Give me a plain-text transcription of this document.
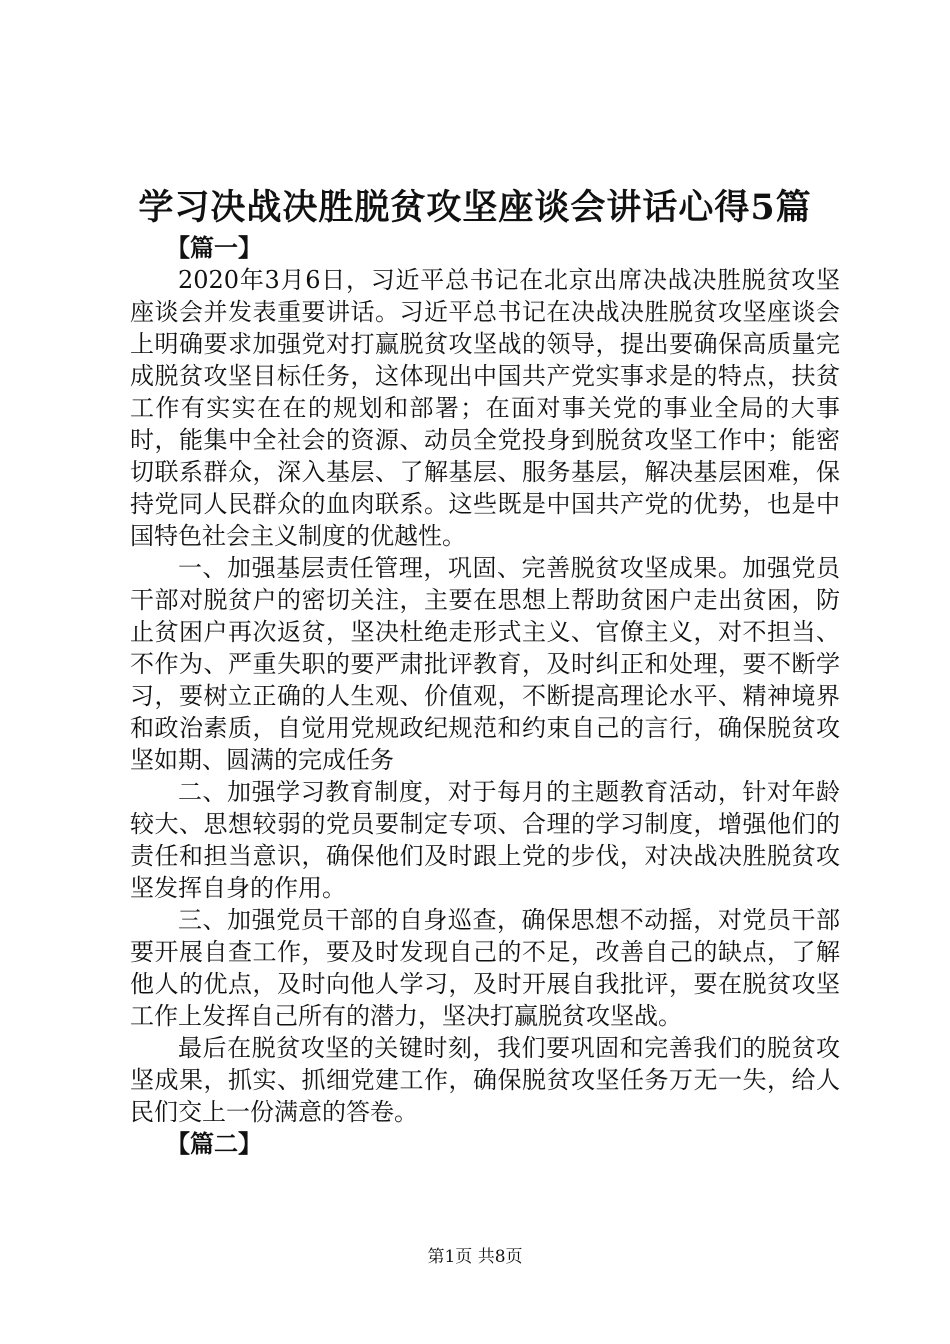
学习决战决胜脱贫攻坚座谈会讲话心得5篇

【篇一】

2020年3月6日，习近平总书记在北京出席决战决胜脱贫攻坚座谈会并发表重要讲话。习近平总书记在决战决胜脱贫攻坚座谈会上明确要求加强党对打赢脱贫攻坚战的领导，提出要确保高质量完成脱贫攻坚目标任务，这体现出中国共产党实事求是的特点，扶贫工作有实实在在的规划和部署；在面对事关党的事业全局的大事时，能集中全社会的资源、动员全党投身到脱贫攻坚工作中；能密切联系群众，深入基层、了解基层、服务基层，解决基层困难，保持党同人民群众的血肉联系。这些既是中国共产党的优势，也是中国特色社会主义制度的优越性。

一、加强基层责任管理，巩固、完善脱贫攻坚成果。加强党员干部对脱贫户的密切关注，主要在思想上帮助贫困户走出贫困，防止贫困户再次返贫，坚决杜绝走形式主义、官僚主义，对不担当、不作为、严重失职的要严肃批评教育，及时纠正和处理，要不断学习，要树立正确的人生观、价值观，不断提高理论水平、精神境界和政治素质，自觉用党规政纪规范和约束自己的言行，确保脱贫攻坚如期、圆满的完成任务

二、加强学习教育制度，对于每月的主题教育活动，针对年龄较大、思想较弱的党员要制定专项、合理的学习制度，增强他们的责任和担当意识，确保他们及时跟上党的步伐，对决战决胜脱贫攻坚发挥自身的作用。

三、加强党员干部的自身巡查，确保思想不动摇，对党员干部要开展自查工作，要及时发现自己的不足，改善自己的缺点，了解他人的优点，及时向他人学习，及时开展自我批评，要在脱贫攻坚工作上发挥自己所有的潜力，坚决打赢脱贫攻坚战。

最后在脱贫攻坚的关键时刻，我们要巩固和完善我们的脱贫攻坚成果，抓实、抓细党建工作，确保脱贫攻坚任务万无一失，给人民们交上一份满意的答卷。

【篇二】

第1页 共8页
